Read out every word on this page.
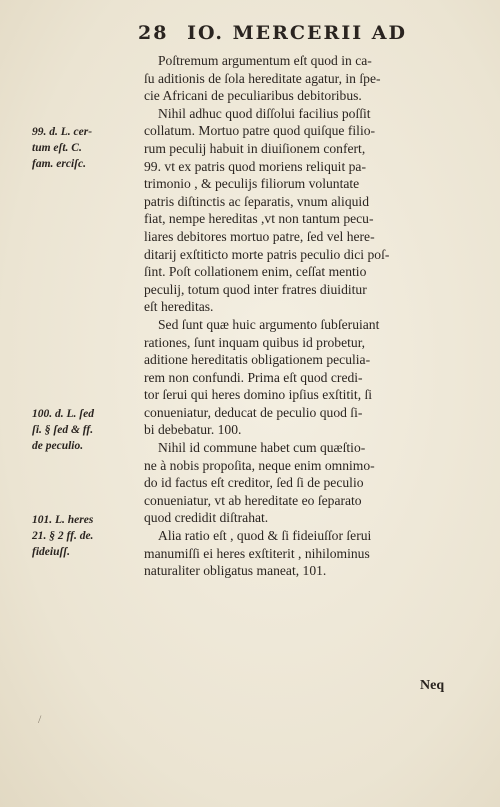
28 IO. MERCERII AD
Poſtremum argumentum eſt quod in ca-
ſu aditionis de ſola hereditate agatur, in ſpe-
cie Africani de peculiaribus debitoribus.
Nihil adhuc quod diſſolui facilius poſſit
collatum. Mortuo patre quod quiſque filio-
rum peculij habuit in diuiſionem confert,
99. vt ex patris quod moriens reliquit pa-
trimonio , & peculijs filiorum voluntate
patris diſtinctis ac ſeparatis, vnum aliquid
fiat, nempe hereditas ,vt non tantum pecu-
liares debitores mortuo patre, ſed vel here-
ditarij exſtiticto morte patris peculio dici poſ-
ſint. Poſt collationem enim, ceſſat mentio
peculij, totum quod inter fratres diuiditur
eſt hereditas.
Sed ſunt quæ huic argumento ſubſeruiant
rationes, ſunt inquam quibus id probetur,
aditione hereditatis obligationem peculia-
rem non confundi. Prima eſt quod credi-
tor ſerui qui heres domino ipſius exſtitit, ſi
conueniatur, deducat de peculio quod ſi-
bi debebatur. 100.
Nihil id commune habet cum quæſtio-
ne à nobis propoſita, neque enim omnimo-
do id factus eſt creditor, ſed ſi de peculio
conueniatur, vt ab hereditate eo ſeparato
quod credidit diſtrahat.
Alia ratio eſt , quod & ſi fideiuſſor ſerui
manumiſſi ei heres exſtiterit , nihilominus
naturaliter obligatus maneat, 101.
99. d. L. cer-
tum eſt. C.
fam. erciſc.
100. d. L. ſed
ſi. § ſed & ff.
de peculio.
101. L. heres
21. § 2 ff. de.
fideiuſſ.
Neq
/
